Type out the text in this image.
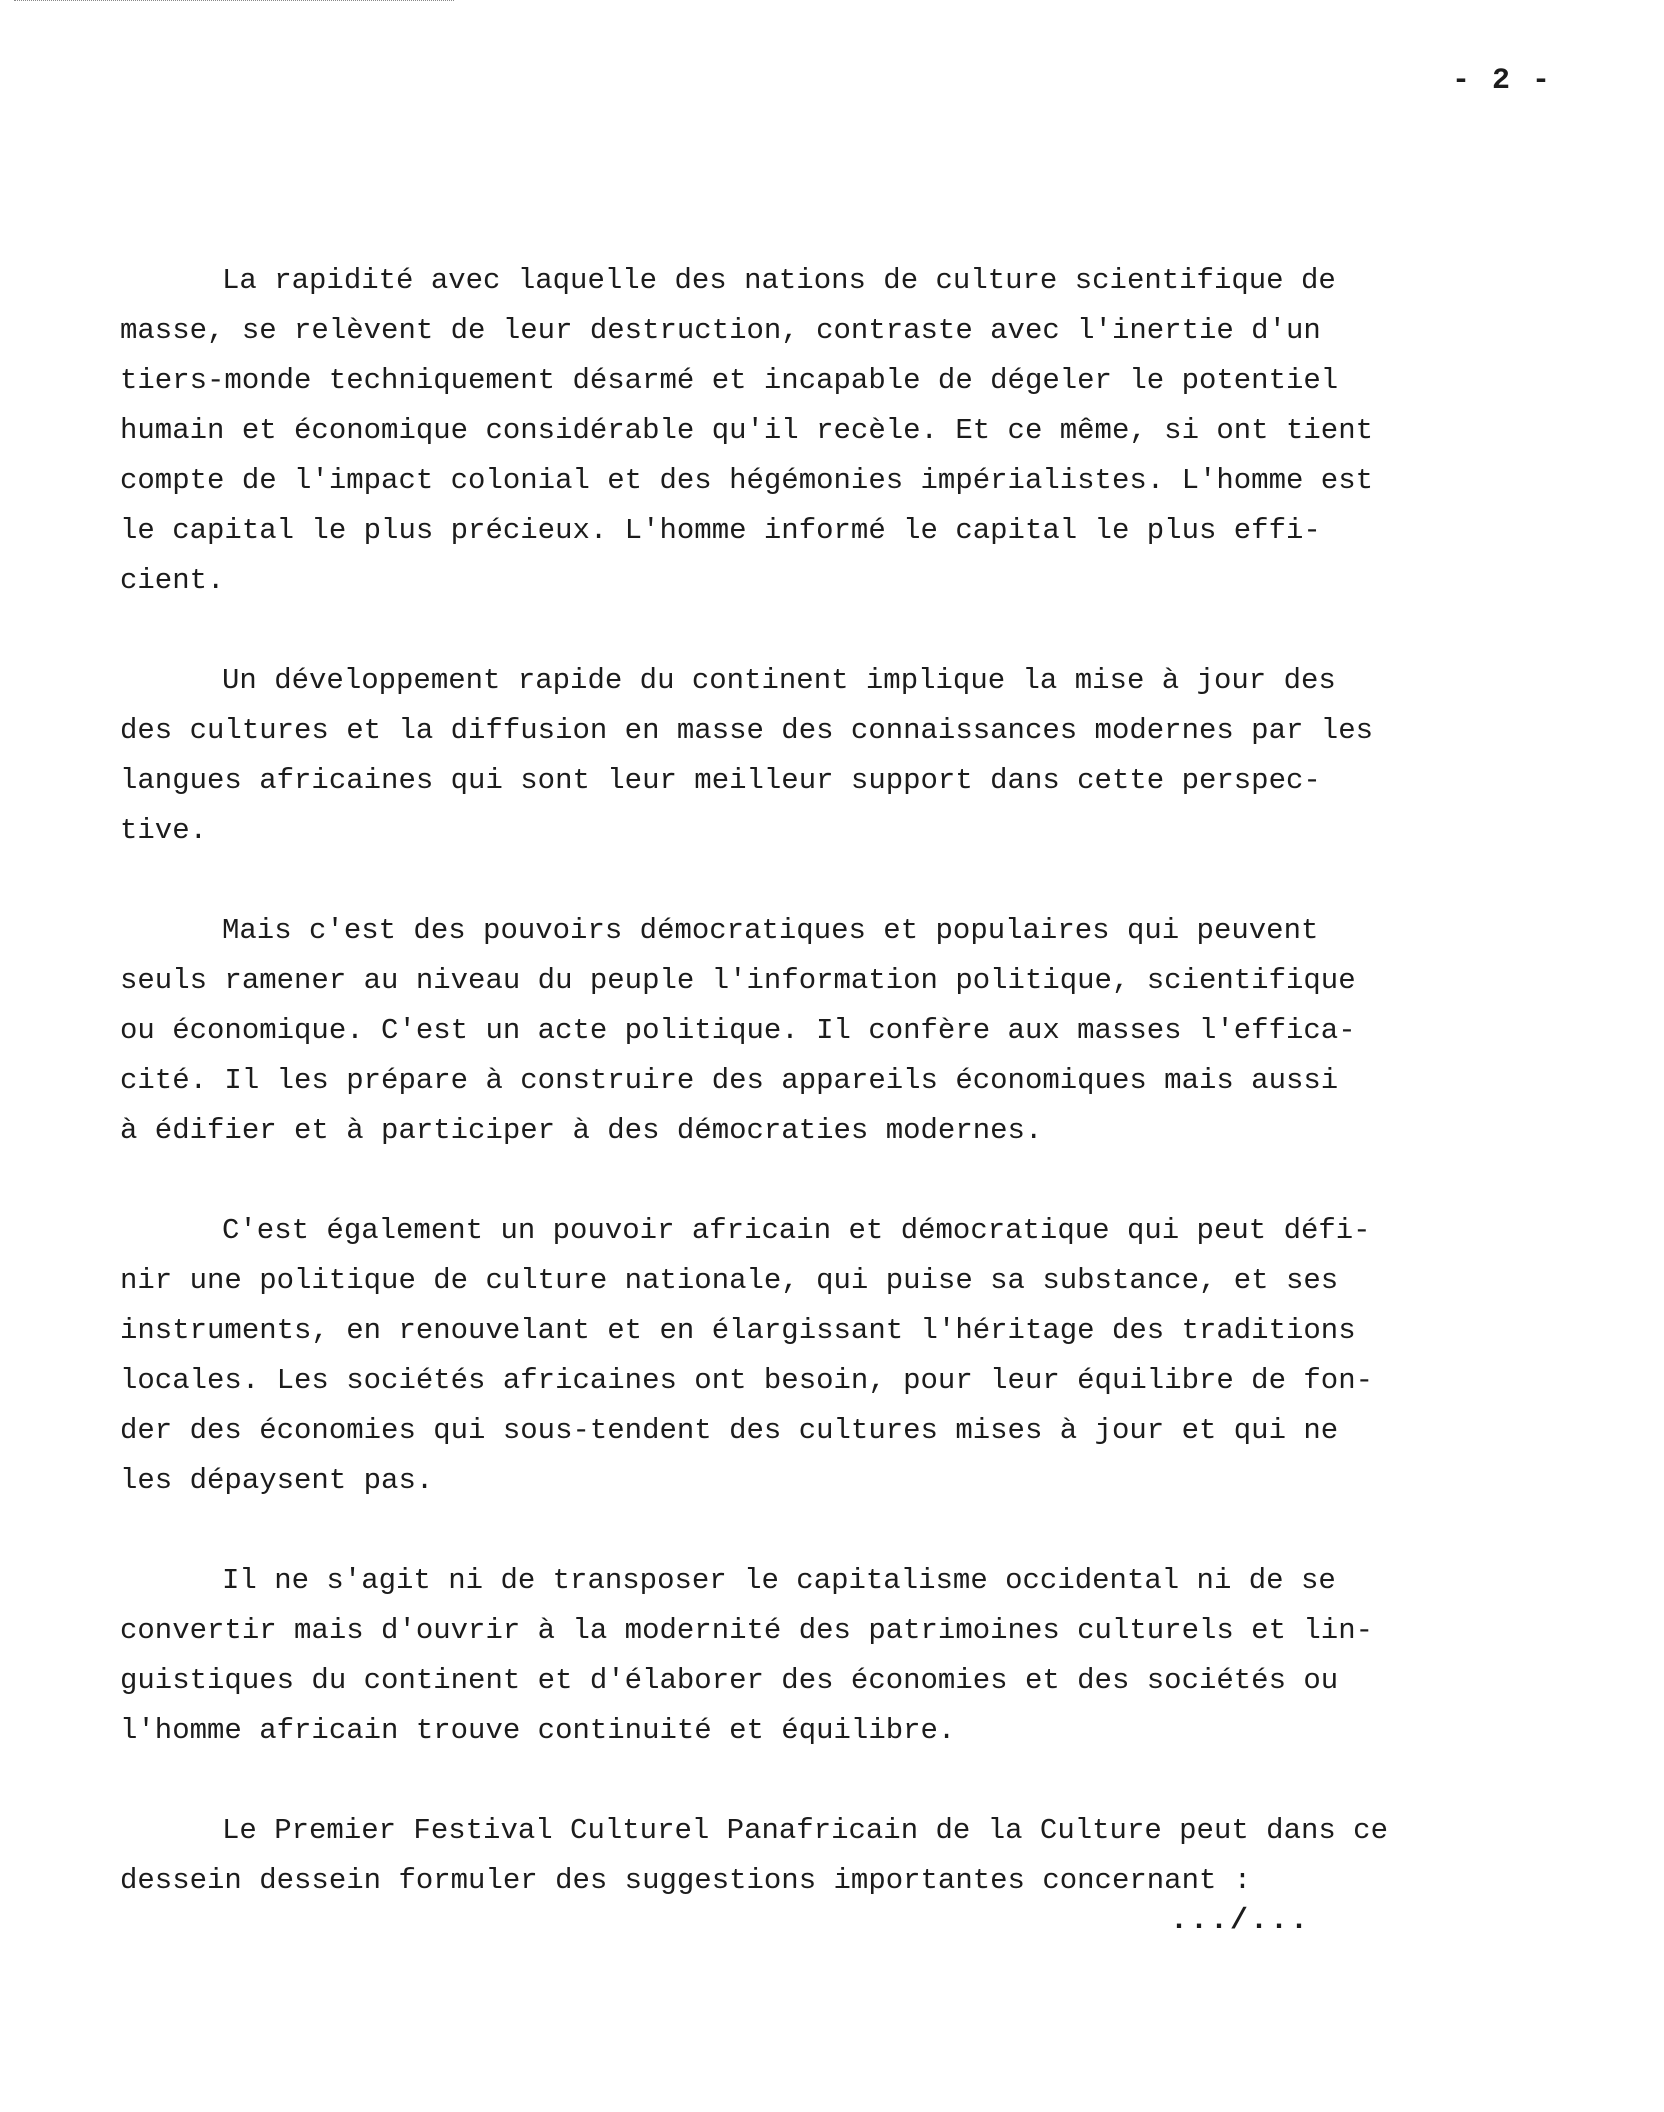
- 2 -

La rapidité avec laquelle des nations de culture scientifique de
masse, se relèvent de leur destruction, contraste avec l'inertie d'un
tiers-monde techniquement désarmé et incapable de dégeler le potentiel
humain et économique considérable qu'il recèle. Et ce même, si ont tient
compte de l'impact colonial et des hégémonies impérialistes. L'homme est
le capital le plus précieux. L'homme informé le capital le plus effi-
cient.

Un développement rapide du continent implique la mise à jour des
des cultures et la diffusion en masse des connaissances modernes par les
langues africaines qui sont leur meilleur support dans cette perspec-
tive.

Mais c'est des pouvoirs démocratiques et populaires qui peuvent
seuls ramener au niveau du peuple l'information politique, scientifique
ou économique. C'est un acte politique. Il confère aux masses l'effica-
cité. Il les prépare à construire des appareils économiques mais aussi
à édifier et à participer à des démocraties modernes.

C'est également un pouvoir africain et démocratique qui peut défi-
nir une politique de culture nationale, qui puise sa substance, et ses
instruments, en renouvelant et en élargissant l'héritage des traditions
locales. Les sociétés africaines ont besoin, pour leur équilibre de fon-
der des économies qui sous-tendent des cultures mises à jour et qui ne
les dépaysent pas.

Il ne s'agit ni de transposer le capitalisme occidental ni de se
convertir mais d'ouvrir à la modernité des patrimoines culturels et lin-
guistiques du continent et d'élaborer des économies et des sociétés ou
l'homme africain trouve continuité et équilibre.

Le Premier Festival Culturel Panafricain de la Culture peut dans ce
dessein dessein formuler des suggestions importantes concernant :

.../...
